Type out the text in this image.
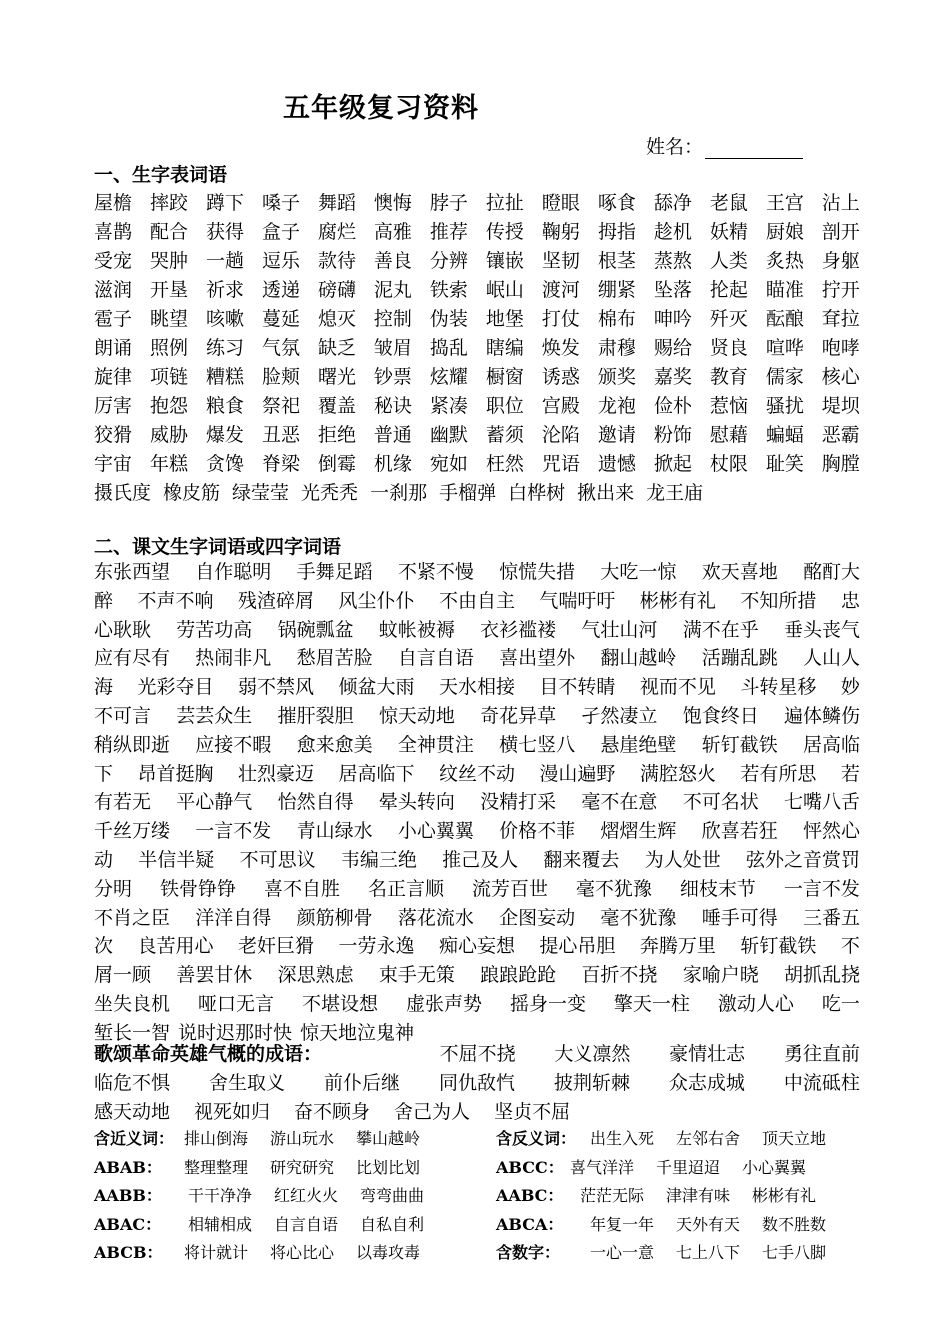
五年级复习资料
姓名：
一、生字表词语
屋檐 摔跤 蹲下 嗓子 舞蹈 懊悔 脖子 拉扯 瞪眼 啄食 舔净 老鼠 王宫 沾上
喜鹊 配合 获得 盒子 腐烂 高雅 推荐 传授 鞠躬 拇指 趁机 妖精 厨娘 剖开
受宠 哭肿 一趟 逗乐 款待 善良 分辨 镶嵌 坚韧 根茎 蒸熬 人类 炙热 身躯
滋润 开垦 祈求 透递 磅礴 泥丸 铁索 岷山 渡河 绷紧 坠落 抡起 瞄准 拧开
雹子 眺望 咳嗽 蔓延 熄灭 控制 伪装 地堡 打仗 棉布 呻吟 歼灭 酝酿 耷拉
朗诵 照例 练习 气氛 缺乏 皱眉 捣乱 瞎编 焕发 肃穆 赐给 贤良 喧哗 咆哮
旋律 项链 糟糕 脸颊 曙光 钞票 炫耀 橱窗 诱惑 颁奖 嘉奖 教育 儒家 核心
厉害 抱怨 粮食 祭祀 覆盖 秘诀 紧凑 职位 宫殿 龙袍 俭朴 惹恼 骚扰 堤坝
狡猾 威胁 爆发 丑恶 拒绝 普通 幽默 蓄须 沦陷 邀请 粉饰 慰藉 蝙蝠 恶霸
宇宙 年糕 贪馋 脊梁 倒霉 机缘 宛如 枉然 咒语 遗憾 掀起 杖限 耻笑 胸膛
摄氏度 橡皮筋 绿莹莹 光秃秃 一刹那 手榴弹 白桦树 揪出来 龙王庙
二、课文生字词语或四字词语
东张西望 自作聪明 手舞足蹈 不紧不慢 惊慌失措 大吃一惊 欢天喜地 酩酊大
醉 不声不响 残渣碎屑 风尘仆仆 不由自主 气喘吁吁 彬彬有礼 不知所措 忠
心耿耿 劳苦功高 锅碗瓢盆 蚊帐被褥 衣衫褴褛 气壮山河 满不在乎 垂头丧气
应有尽有 热闹非凡 愁眉苦脸 自言自语 喜出望外 翻山越岭 活蹦乱跳 人山人
海 光彩夺目 弱不禁风 倾盆大雨 天水相接 目不转睛 视而不见 斗转星移 妙
不可言 芸芸众生 摧肝裂胆 惊天动地 奇花异草 孑然凄立 饱食终日 遍体鳞伤
稍纵即逝 应接不暇 愈来愈美 全神贯注 横七竖八 悬崖绝壁 斩钉截铁 居高临
下 昂首挺胸 壮烈豪迈 居高临下 纹丝不动 漫山遍野 满腔怒火 若有所思 若
有若无 平心静气 怡然自得 晕头转向 没精打采 毫不在意 不可名状 七嘴八舌
千丝万缕 一言不发 青山绿水 小心翼翼 价格不菲 熠熠生辉 欣喜若狂 怦然心
动 半信半疑 不可思议 韦编三绝 推己及人 翻来覆去 为人处世 弦外之音赏罚
分明 铁骨铮铮 喜不自胜 名正言顺 流芳百世 毫不犹豫 细枝末节 一言不发
不肖之臣 洋洋自得 颜筋柳骨 落花流水 企图妄动 毫不犹豫 唾手可得 三番五
次 良苦用心 老奸巨猾 一劳永逸 痴心妄想 提心吊胆 奔腾万里 斩钉截铁 不
屑一顾 善罢甘休 深思熟虑 束手无策 踉踉跄跄 百折不挠 家喻户晓 胡抓乱挠
坐失良机 哑口无言 不堪设想 虚张声势 摇身一变 擎天一柱 激动人心 吃一
堑长一智 说时迟那时快 惊天地泣鬼神
歌颂革命英雄气概的成语：	不屈不挠 大义凛然 豪情壮志 勇往直前
临危不惧 舍生取义 前仆后继 同仇敌忾 披荆斩棘 众志成城 中流砥柱
感天动地 视死如归 奋不顾身 舍己为人 坚贞不屈
含近义词： 排山倒海 游山玩水 攀山越岭	含反义词： 出生入死 左邻右舍 顶天立地
ABAB： 整理整理 研究研究 比划比划	ABCC： 喜气洋洋 千里迢迢 小心翼翼
AABB： 干干净净 红红火火 弯弯曲曲	AABC： 茫茫无际 津津有味 彬彬有礼
ABAC： 相辅相成 自言自语 自私自利	ABCA： 年复一年 天外有天 数不胜数
ABCB： 将计就计 将心比心 以毒攻毒	含数字： 一心一意 七上八下 七手八脚
